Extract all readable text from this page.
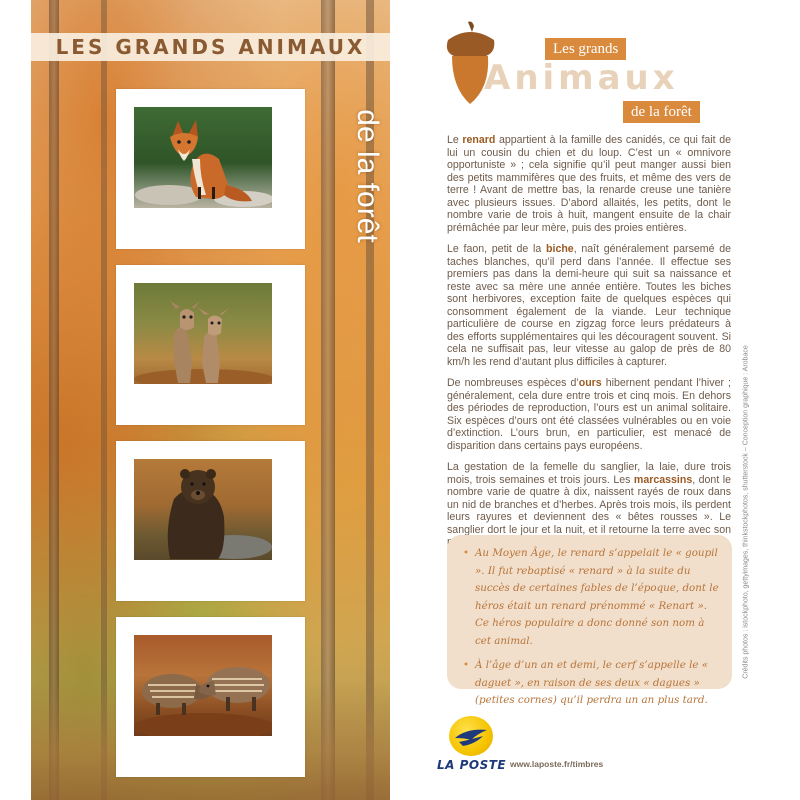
LES GRANDS ANIMAUX
de la forêt
Les grands
Animaux
de la forêt

Le renard appartient à la famille des canidés, ce qui fait de lui un cousin du chien et du loup. C’est un « omnivore opportuniste » ; cela signifie qu’il peut manger aussi bien des petits mammifères que des fruits, et même des vers de terre ! Avant de mettre bas, la renarde creuse une tanière avec plusieurs issues. D’abord allaités, les petits, dont le nombre varie de trois à huit, mangent ensuite de la chair prémâchée par leur mère, puis des proies entières.

Le faon, petit de la biche, naît généralement parsemé de taches blanches, qu’il perd dans l’année. Il effectue ses premiers pas dans la demi-heure qui suit sa naissance et reste avec sa mère une année entière. Toutes les biches sont herbivores, exception faite de quelques espèces qui consomment également de la viande. Leur technique particulière de course en zigzag force leurs prédateurs à des efforts supplémentaires qui les découragent souvent. Si cela ne suffisait pas, leur vitesse au galop de près de 80 km/h les rend d’autant plus difficiles à capturer.

De nombreuses espèces d’ours hibernent pendant l’hiver ; généralement, cela dure entre trois et cinq mois. En dehors des périodes de reproduction, l’ours est un animal solitaire. Six espèces d’ours ont été classées vulnérables ou en voie d’extinction. L’ours brun, en particulier, est menacé de disparition dans certains pays européens.

La gestation de la femelle du sanglier, la laie, dure trois mois, trois semaines et trois jours. Les marcassins, dont le nombre varie de quatre à dix, naissent rayés de roux dans un nid de branches et d’herbes. Après trois mois, ils perdent leurs rayures et deviennent des « bêtes rousses ». Le sanglier dort le jour et la nuit, et il retourne la terre avec son

• Au Moyen Âge, le renard s’appelait le « goupil ». Il fut rebaptisé « renard » à la suite du succès de certaines fables de l’époque, dont le héros était un renard prénommé « Renart ». Ce héros populaire a donc donné son nom à cet animal.
• À l’âge d’un an et demi, le cerf s’appelle le « daguet », en raison de ses deux « dagues » (petites cornes) qu’il perdra un an plus tard.
Crédits photos : istockphoto, gettyimages, thinkstockphotos, shutterstock – Conception graphique : Arobace
LA POSTE www.laposte.fr/timbres
